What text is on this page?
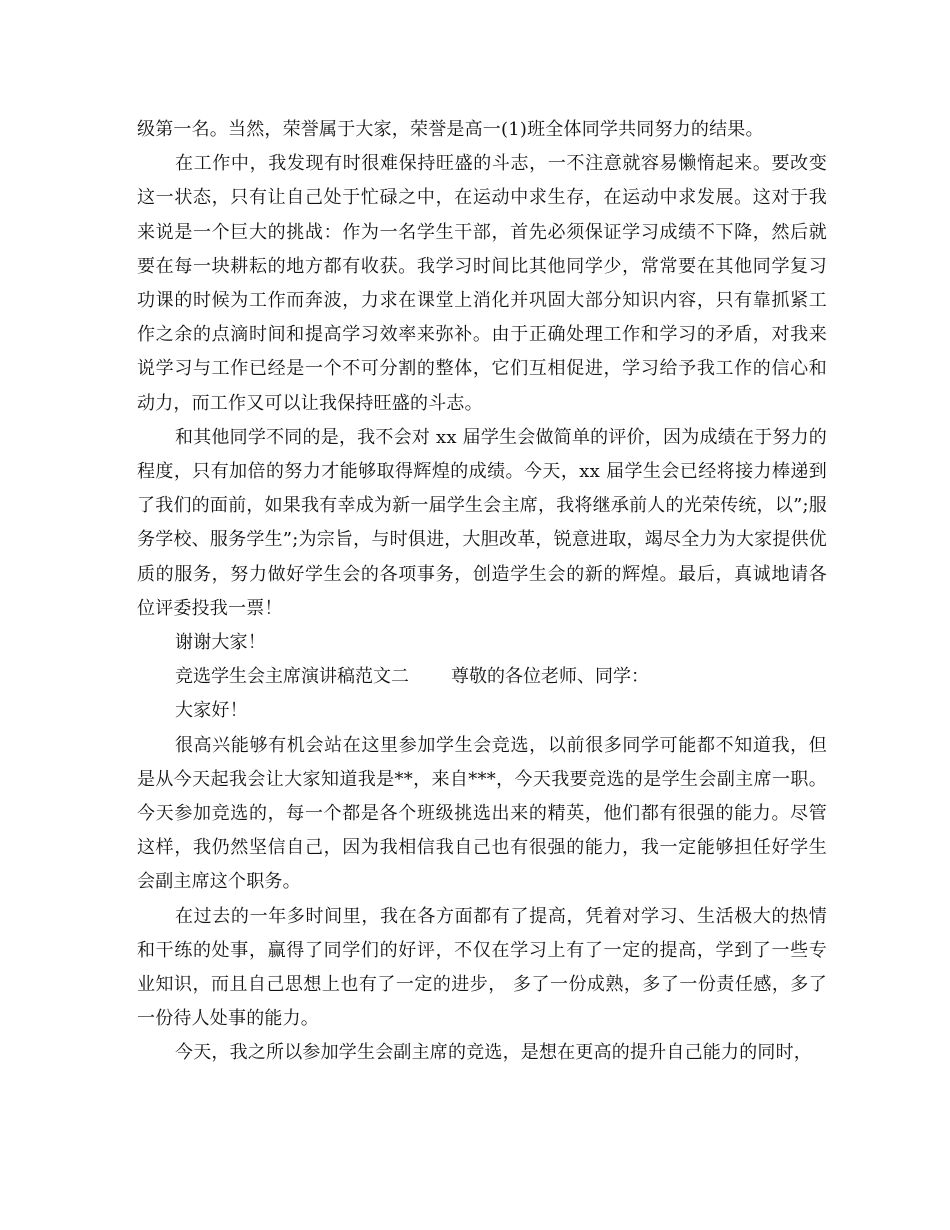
级第一名。当然，荣誉属于大家，荣誉是高一(1)班全体同学共同努力的结果。

在工作中，我发现有时很难保持旺盛的斗志，一不注意就容易懒惰起来。要改变这一状态，只有让自己处于忙碌之中，在运动中求生存，在运动中求发展。这对于我来说是一个巨大的挑战：作为一名学生干部，首先必须保证学习成绩不下降，然后就要在每一块耕耘的地方都有收获。我学习时间比其他同学少，常常要在其他同学复习功课的时候为工作而奔波，力求在课堂上消化并巩固大部分知识内容，只有靠抓紧工作之余的点滴时间和提高学习效率来弥补。由于正确处理工作和学习的矛盾，对我来说学习与工作已经是一个不可分割的整体，它们互相促进，学习给予我工作的信心和动力，而工作又可以让我保持旺盛的斗志。

和其他同学不同的是，我不会对 xx 届学生会做简单的评价，因为成绩在于努力的程度，只有加倍的努力才能够取得辉煌的成绩。今天，xx 届学生会已经将接力棒递到了我们的面前，如果我有幸成为新一届学生会主席，我将继承前人的光荣传统，以”;服务学校、服务学生”;为宗旨，与时俱进，大胆改革，锐意进取，竭尽全力为大家提供优质的服务，努力做好学生会的各项事务，创造学生会的新的辉煌。最后，真诚地请各位评委投我一票！

谢谢大家！

竞选学生会主席演讲稿范文二 尊敬的各位老师、同学：

大家好！

很高兴能够有机会站在这里参加学生会竞选，以前很多同学可能都不知道我，但是从今天起我会让大家知道我是**，来自***，今天我要竞选的是学生会副主席一职。今天参加竞选的，每一个都是各个班级挑选出来的精英，他们都有很强的能力。尽管这样，我仍然坚信自己，因为我相信我自己也有很强的能力，我一定能够担任好学生会副主席这个职务。

在过去的一年多时间里，我在各方面都有了提高，凭着对学习、生活极大的热情和干练的处事，赢得了同学们的好评，不仅在学习上有了一定的提高，学到了一些专业知识，而且自己思想上也有了一定的进步， 多了一份成熟，多了一份责任感，多了一份待人处事的能力。

今天，我之所以参加学生会副主席的竞选，是想在更高的提升自己能力的同时，
